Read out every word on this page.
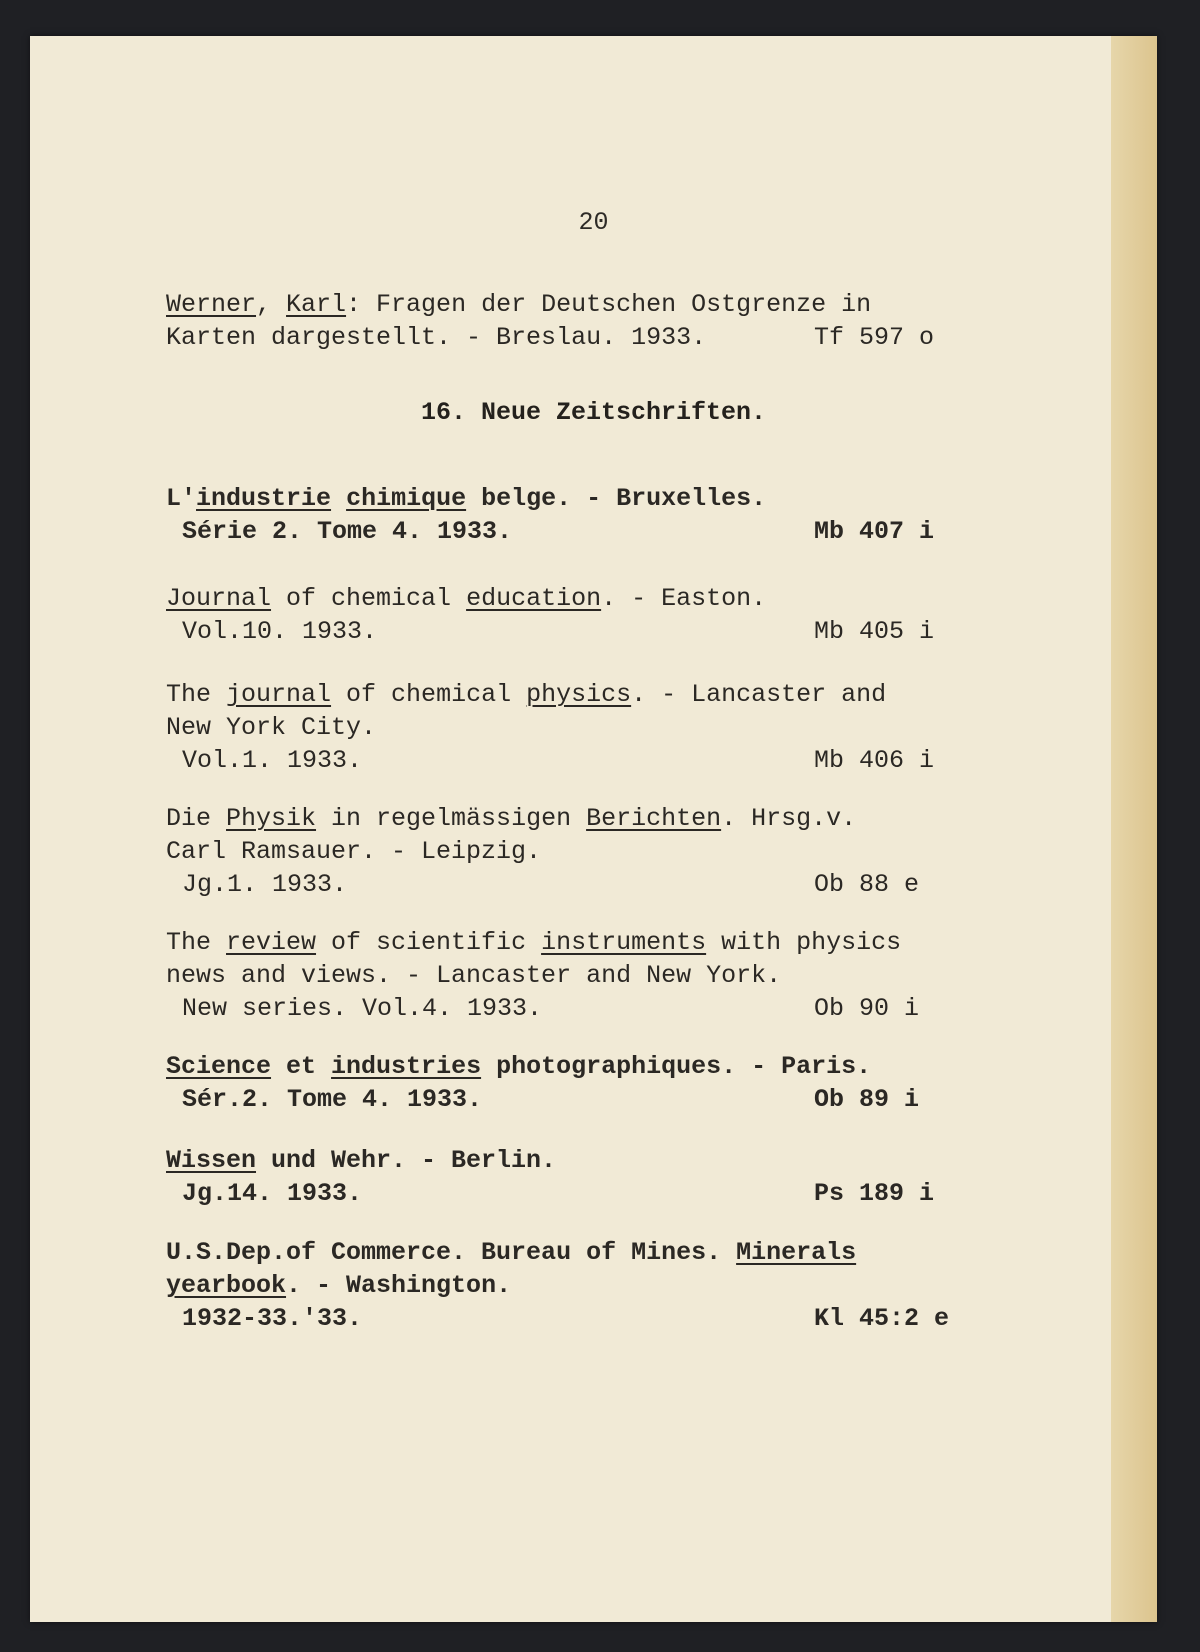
20
Werner, Karl: Fragen der Deutschen Ostgrenze in
Karten dargestellt. - Breslau. 1933.	Tf 597 o
16. Neue Zeitschriften.
L'industrie chimique belge. - Bruxelles.
Série 2. Tome 4. 1933.	Mb 407 i
Journal of chemical education. - Easton.
Vol.10. 1933.	Mb 405 i
The journal of chemical physics. - Lancaster and
New York City.
Vol.1. 1933.	Mb 406 i
Die Physik in regelmässigen Berichten. Hrsg.v.
Carl Ramsauer. - Leipzig.
Jg.1. 1933.	Ob 88 e
The review of scientific instruments with physics
news and views. - Lancaster and New York.
New series. Vol.4. 1933.	Ob 90 i
Science et industries photographiques. - Paris.
Sér.2. Tome 4. 1933.	Ob 89 i
Wissen und Wehr. - Berlin.
Jg.14. 1933.	Ps 189 i
U.S.Dep.of Commerce. Bureau of Mines. Minerals
yearbook. - Washington.
1932-33.'33.	Kl 45:2 e
